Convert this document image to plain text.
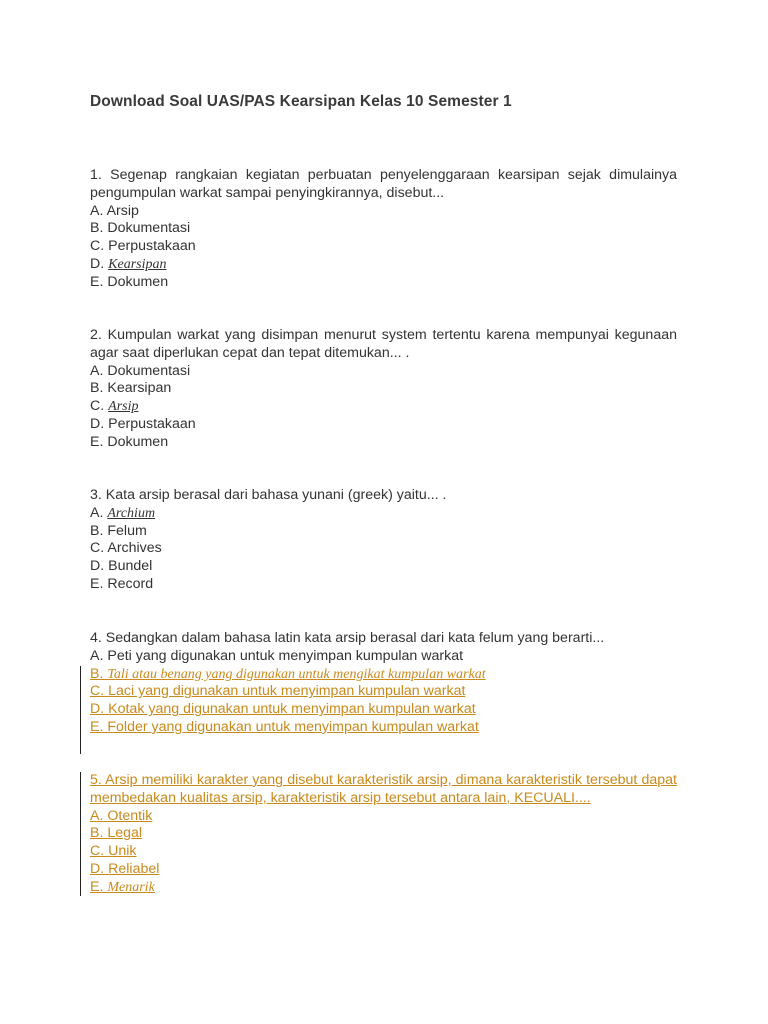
Download Soal UAS/PAS Kearsipan Kelas 10 Semester 1

1. Segenap rangkaian kegiatan perbuatan penyelenggaraan kearsipan sejak dimulainya pengumpulan warkat sampai penyingkirannya, disebut...

A. Arsip

B. Dokumentasi

C. Perpustakaan

D. Kearsipan

E. Dokumen

2. Kumpulan warkat yang disimpan menurut system tertentu karena mempunyai kegunaan agar saat diperlukan cepat dan tepat ditemukan... .

A. Dokumentasi

B. Kearsipan

C. Arsip

D. Perpustakaan

E. Dokumen

3. Kata arsip berasal dari bahasa yunani (greek) yaitu... .

A. Archium

B. Felum

C. Archives

D. Bundel

E. Record

4. Sedangkan dalam bahasa latin kata arsip berasal dari kata felum yang berarti...

A. Peti yang digunakan untuk menyimpan kumpulan warkat

B. Tali atau benang yang digunakan untuk mengikat kumpulan warkat

C. Laci yang digunakan untuk menyimpan kumpulan warkat

D. Kotak yang digunakan untuk menyimpan kumpulan warkat

E. Folder yang digunakan untuk menyimpan kumpulan warkat

5. Arsip memiliki karakter yang disebut karakteristik arsip, dimana karakteristik tersebut dapat membedakan kualitas arsip, karakteristik arsip tersebut antara lain, KECUALI....

A. Otentik

B. Legal

C. Unik

D. Reliabel

E. Menarik
